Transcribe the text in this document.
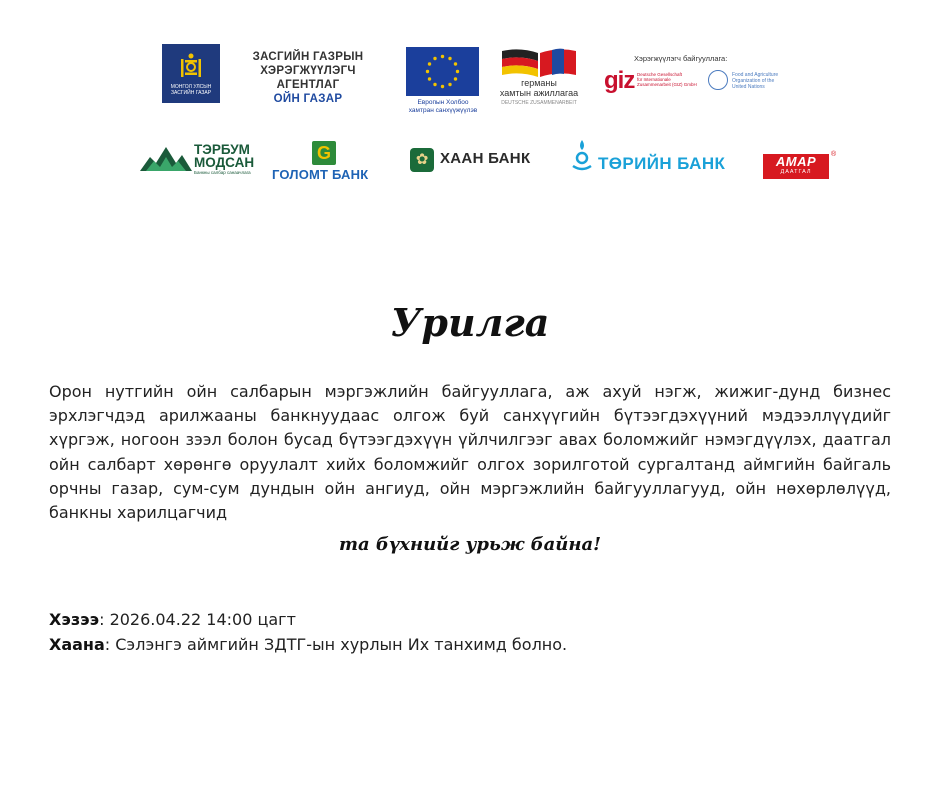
МОНГОЛ УЛСЫН ЗАСГИЙН ГАЗАР
ЗАСГИЙН ГАЗРЫН
ХЭРЭГЖҮҮЛЭГЧ АГЕНТЛАГ
ОЙН ГАЗАР	Европын Холбоо
хамтран санхүүжүүлэв
германы
хамтын ажиллагаа
DEUTSCHE ZUSAMMENARBEIT
Хэрэгжүүлэгч байгууллага:
giz Deutsche Gesellschaft
für Internationale
Zusammenarbeit (GIZ) GmbH
Food and Agriculture
Organization of the
United Nations
ТЭРБУМ
МОДСАН
Банкны салбар санаачлага
G
ГОЛОМТ БАНК
✿ ХААН БАНК	ТӨРИЙН БАНК	АМАР
ДААТГАЛ
®
Урилга
Орон нутгийн ойн салбарын мэргэжлийн байгууллага, аж ахуй нэгж, жижиг-дунд бизнес эрхлэгчдэд арилжааны банкнуудаас олгож буй санхүүгийн бүтээгдэхүүний мэдээллүүдийг хүргэж, ногоон зээл болон бусад бүтээгдэхүүн үйлчилгээг авах боломжийг нэмэгдүүлэх, даатгал ойн салбарт хөрөнгө оруулалт хийх боломжийг олгох зорилготой сургалтанд аймгийн байгаль орчны газар, сум-сум дундын ойн ангиуд, ойн мэргэжлийн байгууллагууд, ойн нөхөрлөлүүд, банкны харилцагчид
та бүхнийг урьж байна!
Хэзээ: 2026.04.22 14:00 цагт
Хаана: Сэлэнгэ аймгийн ЗДТГ-ын хурлын Их танхимд болно.
